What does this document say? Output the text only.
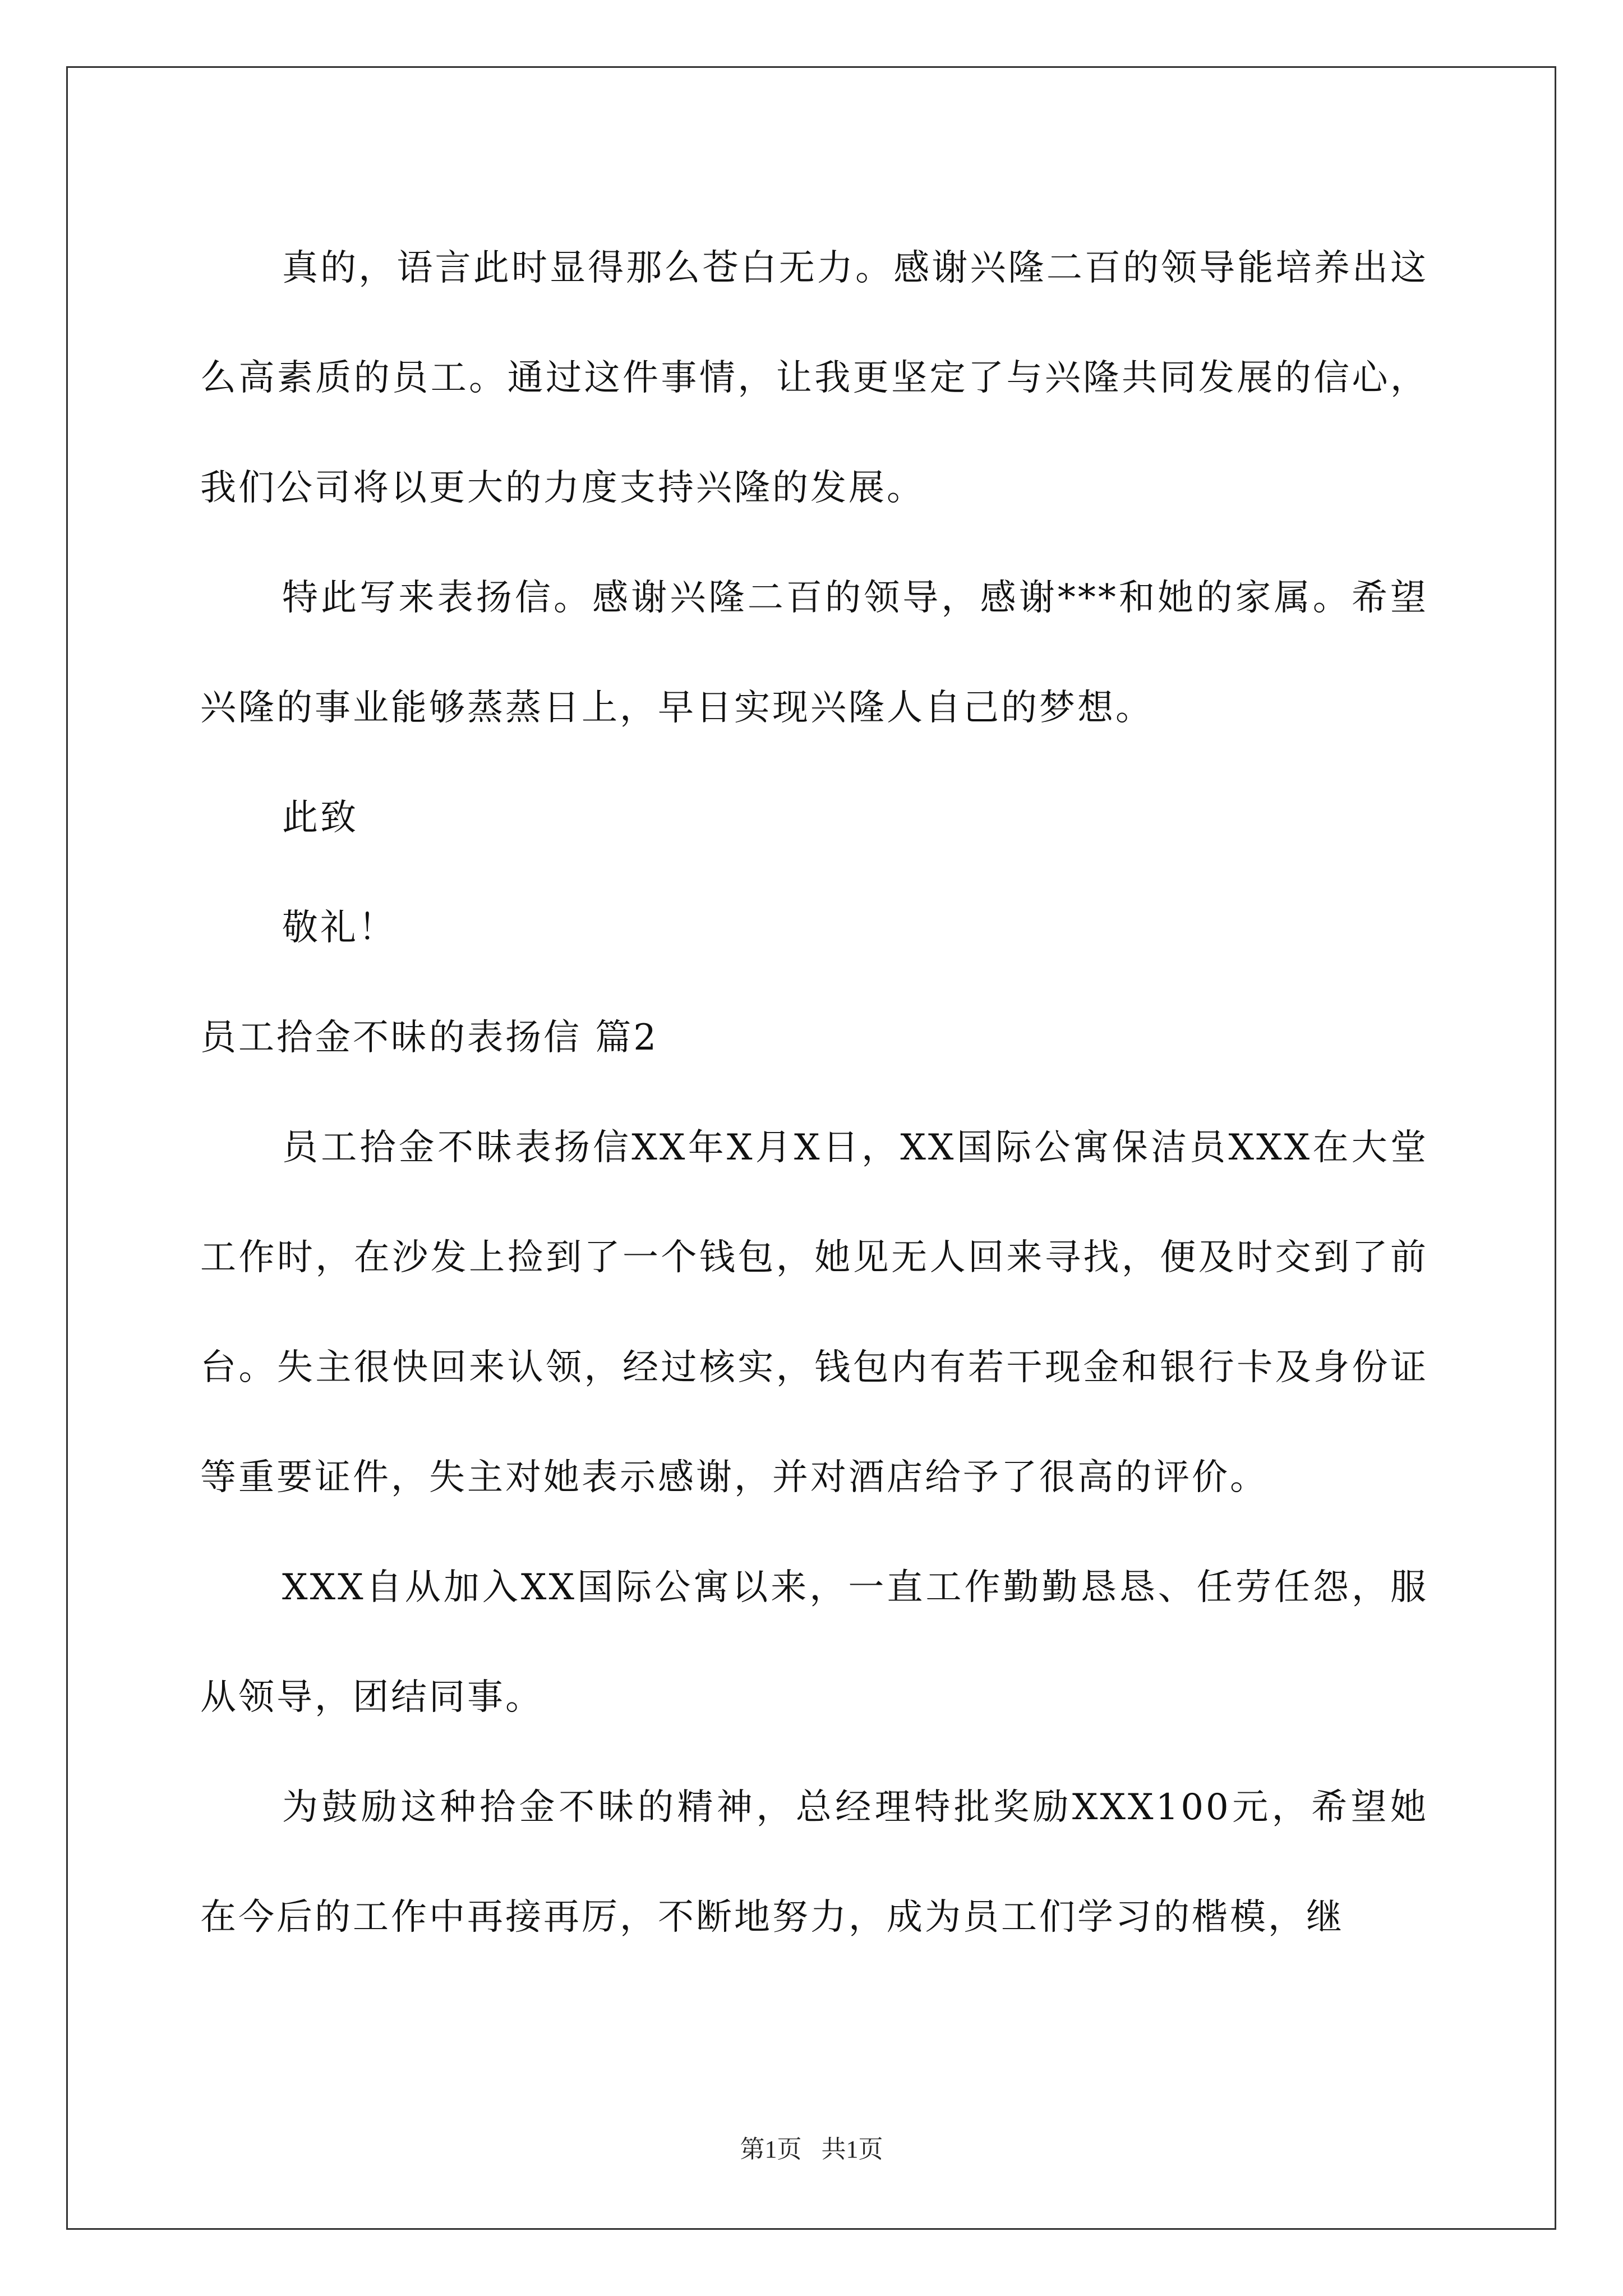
真的，语言此时显得那么苍白无力。感谢兴隆二百的领导能培养出这么高素质的员工。通过这件事情，让我更坚定了与兴隆共同发展的信心，我们公司将以更大的力度支持兴隆的发展。

特此写来表扬信。感谢兴隆二百的领导，感谢***和她的家属。希望兴隆的事业能够蒸蒸日上，早日实现兴隆人自己的梦想。

此致

敬礼！

员工拾金不昧的表扬信 篇2

员工拾金不昧表扬信XX年X月X日，XX国际公寓保洁员XXX在大堂工作时，在沙发上捡到了一个钱包，她见无人回来寻找，便及时交到了前台。失主很快回来认领，经过核实，钱包内有若干现金和银行卡及身份证等重要证件，失主对她表示感谢，并对酒店给予了很高的评价。

XXX自从加入XX国际公寓以来，一直工作勤勤恳恳、任劳任怨，服从领导，团结同事。

为鼓励这种拾金不昧的精神，总经理特批奖励XXX100元，希望她在今后的工作中再接再厉，不断地努力，成为员工们学习的楷模，继

第1页 共1页
